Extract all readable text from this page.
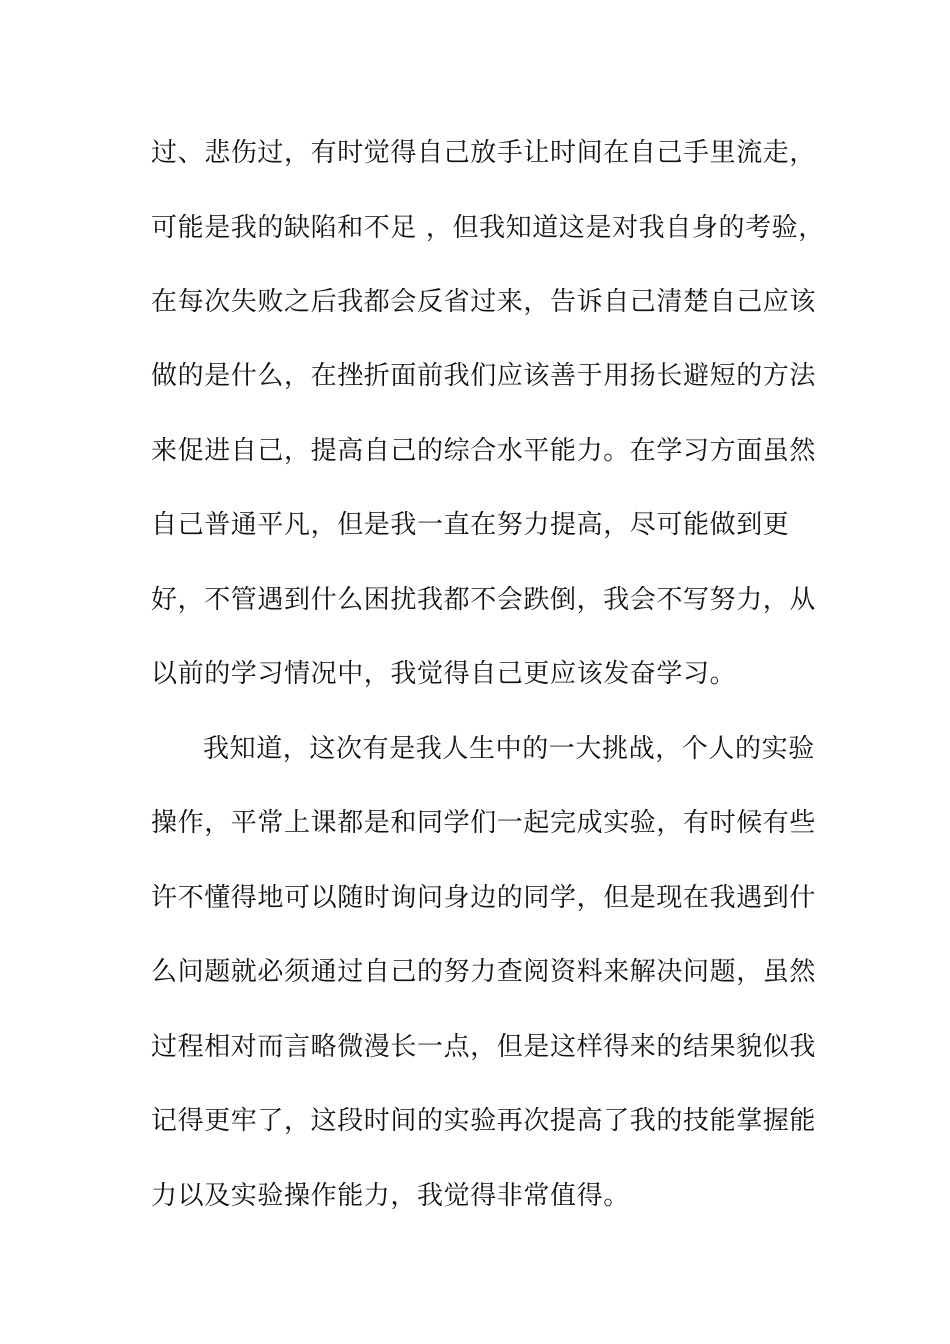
过、悲伤过，有时觉得自己放手让时间在自己手里流走，
可能是我的缺陷和不足 ，但我知道这是对我自身的考验，
在每次失败之后我都会反省过来，告诉自己清楚自己应该
做的是什么，在挫折面前我们应该善于用扬长避短的方法
来促进自己，提高自己的综合水平能力。在学习方面虽然
自己普通平凡，但是我一直在努力提高，尽可能做到更
好，不管遇到什么困扰我都不会跌倒，我会不写努力，从
以前的学习情况中，我觉得自己更应该发奋学习。
我知道，这次有是我人生中的一大挑战，个人的实验
操作，平常上课都是和同学们一起完成实验，有时候有些
许不懂得地可以随时询问身边的同学，但是现在我遇到什
么问题就必须通过自己的努力查阅资料来解决问题，虽然
过程相对而言略微漫长一点，但是这样得来的结果貌似我
记得更牢了，这段时间的实验再次提高了我的技能掌握能
力以及实验操作能力，我觉得非常值得。
